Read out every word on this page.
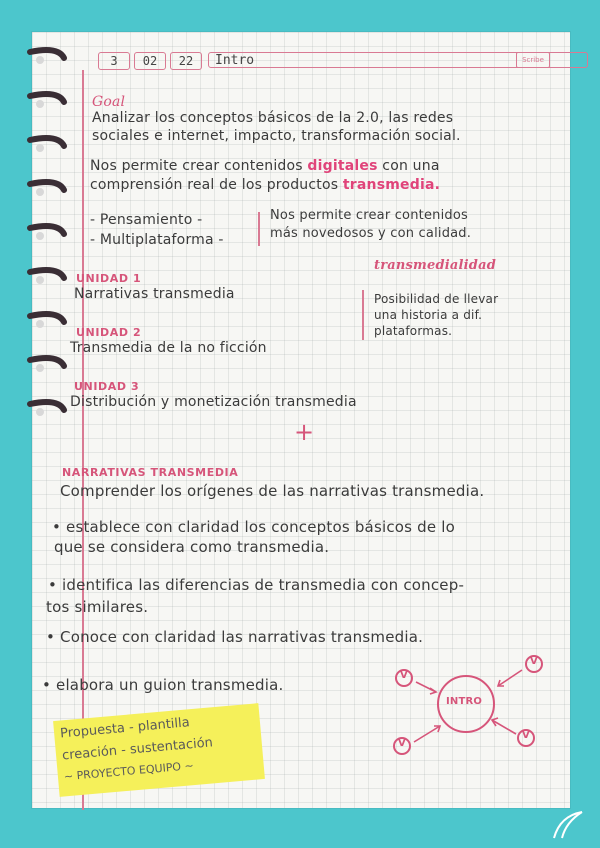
3	02	22	Intro	Scribe
Goal
Analizar los conceptos básicos de la 2.0, las redes
sociales e internet, impacto, transformación social.
Nos permite crear contenidos digitales con una
comprensión real de los productos transmedia.
- Pensamiento -
- Multiplataforma -
Nos permite crear contenidos
más novedosos y con calidad.
UNIDAD 1
Narrativas transmedia
UNIDAD 2
Transmedia de la no ficción
UNIDAD 3
Distribución y monetización transmedia
transmedialidad
Posibilidad de llevar
una historia a dif.
plataformas.
+
NARRATIVAS TRANSMEDIA
Comprender los orígenes de las narrativas transmedia.
• establece con claridad los conceptos básicos de lo
que se considera como transmedia.
• identifica las diferencias de transmedia con concep-
tos similares.
• Conoce con claridad las narrativas transmedia.
• elabora un guion transmedia.
Propuesta - plantilla
creación - sustentación
~ PROYECTO EQUIPO ~
INTRO
V
V
V
V
